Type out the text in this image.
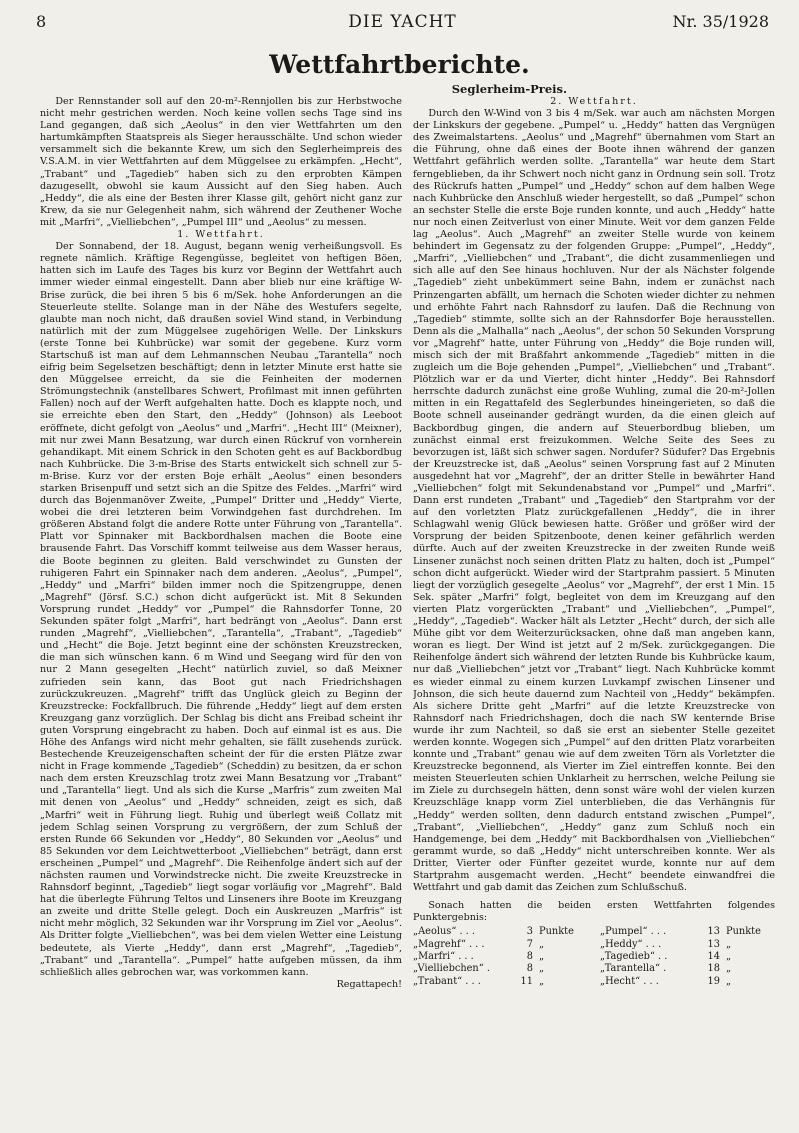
8	DIE YACHT	Nr. 35/1928
Wettfahrtberichte.
Seglerheim-Preis.

Der Rennstander soll auf den 20-m²-Rennjollen bis zur Herbstwoche nicht mehr gestrichen werden. Noch keine vollen sechs Tage sind ins Land gegangen, daß sich „Aeolus“ in den vier Wettfahrten um den hartumkämpften Staatspreis als Sieger herausschälte. Und schon wieder versammelt sich die bekannte Krew, um sich den Seglerheimpreis des V.S.A.M. in vier Wettfahrten auf dem Müggelsee zu erkämpfen. „Hecht“, „Trabant“ und „Tagedieb“ haben sich zu den erprobten Kämpen dazugesellt, obwohl sie kaum Aussicht auf den Sieg haben. Auch „Heddy“, die als eine der Besten ihrer Klasse gilt, gehört nicht ganz zur Krew, da sie nur Gelegenheit nahm, sich während der Zeuthener Woche mit „Marfri“, „Vielliebchen“, „Pumpel III“ und „Aeolus“ zu messen.

1. Wettfahrt.

Der Sonnabend, der 18. August, begann wenig verheißungsvoll. Es regnete nämlich. Kräftige Regengüsse, begleitet von heftigen Böen, hatten sich im Laufe des Tages bis kurz vor Beginn der Wettfahrt auch immer wieder einmal eingestellt. Dann aber blieb nur eine kräftige W-Brise zurück, die bei ihren 5 bis 6 m/Sek. hohe Anforderungen an die Steuerleute stellte. Solange man in der Nähe des Westufers segelte, glaubte man noch nicht, daß draußen soviel Wind stand, in Verbindung natürlich mit der zum Müggelsee zugehörigen Welle. Der Linkskurs (erste Tonne bei Kuhbrücke) war somit der gegebene. Kurz vorm Startschuß ist man auf dem Lehmannschen Neubau „Tarantella“ noch eifrig beim Segelsetzen beschäftigt; denn in letzter Minute erst hatte sie den Müggelsee erreicht, da sie die Feinheiten der modernen Strömungstechnik (anstellbares Schwert, Profilmast mit innen geführten Fallen) noch auf der Werft aufgehalten hatte. Doch es klappte noch, und sie erreichte eben den Start, den „Heddy“ (Johnson) als Leeboot eröffnete, dicht gefolgt von „Aeolus“ und „Marfri“. „Hecht III“ (Meixner), mit nur zwei Mann Besatzung, war durch einen Rückruf von vornherein gehandikapt. Mit einem Schrick in den Schoten geht es auf Backbordbug nach Kuhbrücke. Die 3-m-Brise des Starts entwickelt sich schnell zur 5-m-Brise. Kurz vor der ersten Boje erhält „Aeolus“ einen besonders starken Brisenpuff und setzt sich an die Spitze des Feldes. „Marfri“ wird durch das Bojenmanöver Zweite, „Pumpel“ Dritter und „Heddy“ Vierte, wobei die drei letzteren beim Vorwindgehen fast durchdrehen. Im größeren Abstand folgt die andere Rotte unter Führung von „Tarantella“. Platt vor Spinnaker mit Backbordhalsen machen die Boote eine brausende Fahrt. Das Vorschiff kommt teilweise aus dem Wasser heraus, die Boote beginnen zu gleiten. Bald verschwindet zu Gunsten der ruhigeren Fahrt ein Spinnaker nach dem anderen. „Aeolus“, „Pumpel“, „Heddy“ und „Marfri“ bilden immer noch die Spitzengruppe, denen „Magrehf“ (Jörsf. S.C.) schon dicht aufgerückt ist. Mit 8 Sekunden Vorsprung rundet „Heddy“ vor „Pumpel“ die Rahnsdorfer Tonne, 20 Sekunden später folgt „Marfri“, hart bedrängt von „Aeolus“. Dann erst runden „Magrehf“, „Vielliebchen“, „Tarantella“, „Trabant“, „Tagedieb“ und „Hecht“ die Boje. Jetzt beginnt eine der schönsten Kreuzstrecken, die man sich wünschen kann. 6 m Wind und Seegang wird für den von nur 2 Mann gesegelten „Hecht“ natürlich zuviel, so daß Meixner zufrieden sein kann, das Boot gut nach Friedrichshagen zurückzukreuzen. „Magrehf“ trifft das Unglück gleich zu Beginn der Kreuzstrecke: Fockfallbruch. Die führende „Heddy“ liegt auf dem ersten Kreuzgang ganz vorzüglich. Der Schlag bis dicht ans Freibad scheint ihr guten Vorsprung eingebracht zu haben. Doch auf einmal ist es aus. Die Höhe des Anfangs wird nicht mehr gehalten, sie fällt zusehends zurück. Bestechende Kreuzeigenschaften scheint der für die ersten Plätze zwar nicht in Frage kommende „Tagedieb“ (Scheddin) zu besitzen, da er schon nach dem ersten Kreuzschlag trotz zwei Mann Besatzung vor „Trabant“ und „Tarantella“ liegt. Und als sich die Kurse „Marfris“ zum zweiten Mal mit denen von „Aeolus“ und „Heddy“ schneiden, zeigt es sich, daß „Marfri“ weit in Führung liegt. Ruhig und überlegt weiß Collatz mit jedem Schlag seinen Vorsprung zu vergrößern, der zum Schluß der ersten Runde 66 Sekunden vor „Heddy“, 80 Sekunden vor „Aeolus“ und 85 Sekunden vor dem Leichtwetterboot „Vielliebchen“ beträgt, dann erst erscheinen „Pumpel“ und „Magrehf“. Die Reihenfolge ändert sich auf der nächsten raumen und Vorwindstrecke nicht. Die zweite Kreuzstrecke in Rahnsdorf beginnt, „Tagedieb“ liegt sogar vorläufig vor „Magrehf“. Bald hat die überlegte Führung Teltos und Linseners ihre Boote im Kreuzgang an zweite und dritte Stelle gelegt. Doch ein Auskreuzen „Marfris“ ist nicht mehr möglich, 32 Sekunden war ihr Vorsprung im Ziel vor „Aeolus“. Als Dritter folgte „Vielliebchen“, was bei dem vielen Wetter eine Leistung bedeutete, als Vierte „Heddy“, dann erst „Magrehf“, „Tagedieb“, „Trabant“ und „Tarantella“. „Pumpel“ hatte aufgeben müssen, da ihm schließlich alles gebrochen war, was vorkommen kann.

Regattapech!

2. Wettfahrt.

Durch den W-Wind von 3 bis 4 m/Sek. war auch am nächsten Morgen der Linkskurs der gegebene. „Pumpel“ u. „Heddy“ hatten das Vergnügen des Zweimalstartens. „Aeolus“ und „Magrehf“ übernahmen vom Start an die Führung, ohne daß eines der Boote ihnen während der ganzen Wettfahrt gefährlich werden sollte. „Tarantella“ war heute dem Start ferngeblieben, da ihr Schwert noch nicht ganz in Ordnung sein soll. Trotz des Rückrufs hatten „Pumpel“ und „Heddy“ schon auf dem halben Wege nach Kuhbrücke den Anschluß wieder hergestellt, so daß „Pumpel“ schon an sechster Stelle die erste Boje runden konnte, und auch „Heddy“ hatte nur noch einen Zeitverlust von einer Minute. Weit vor dem ganzen Felde lag „Aeolus“. Auch „Magrehf“ an zweiter Stelle wurde von keinem behindert im Gegensatz zu der folgenden Gruppe: „Pumpel“, „Heddy“, „Marfri“, „Vielliebchen“ und „Trabant“, die dicht zusammenliegen und sich alle auf den See hinaus hochluven. Nur der als Nächster folgende „Tagedieb“ zieht unbekümmert seine Bahn, indem er zunächst nach Prinzengarten abfällt, um hernach die Schoten wieder dichter zu nehmen und erhöhte Fahrt nach Rahnsdorf zu laufen. Daß die Rechnung von „Tagedieb“ stimmte, sollte sich an der Rahnsdorfer Boje herausstellen. Denn als die „Malhalla“ nach „Aeolus“, der schon 50 Sekunden Vorsprung vor „Magrehf“ hatte, unter Führung von „Heddy“ die Boje runden will, misch sich der mit Braßfahrt ankommende „Tagedieb“ mitten in die zugleich um die Boje gehenden „Pumpel“, „Vielliebchen“ und „Trabant“. Plötzlich war er da und Vierter, dicht hinter „Heddy“. Bei Rahnsdorf herrschte dadurch zunächst eine große Wuhling, zumal die 20-m²-Jollen mitten in ein Regattafeld des Seglerbundes hineingerieten, so daß die Boote schnell auseinander gedrängt wurden, da die einen gleich auf Backbordbug gingen, die andern auf Steuerbordbug blieben, um zunächst einmal erst freizukommen. Welche Seite des Sees zu bevorzugen ist, läßt sich schwer sagen. Nordufer? Südufer? Das Ergebnis der Kreuzstrecke ist, daß „Aeolus“ seinen Vorsprung fast auf 2 Minuten ausgedehnt hat vor „Magrehf“, der an dritter Stelle in bewährter Hand „Vielliebchen“ folgt mit Sekundenabstand vor „Pumpel“ und „Marfri“. Dann erst rundeten „Trabant“ und „Tagedieb“ den Startprahm vor der auf den vorletzten Platz zurückgefallenen „Heddy“, die in ihrer Schlagwahl wenig Glück bewiesen hatte. Größer und größer wird der Vorsprung der beiden Spitzenboote, denen keiner gefährlich werden dürfte. Auch auf der zweiten Kreuzstrecke in der zweiten Runde weiß Linsener zunächst noch seinen dritten Platz zu halten, doch ist „Pumpel“ schon dicht aufgerückt. Wieder wird der Startprahm passiert. 5 Minuten liegt der vorzüglich gesegelte „Aeolus“ vor „Magrehf“, der erst 1 Min. 15 Sek. später „Marfri“ folgt, begleitet von dem im Kreuzgang auf den vierten Platz vorgerückten „Trabant“ und „Vielliebchen“, „Pumpel“, „Heddy“, „Tagedieb“. Wacker hält als Letzter „Hecht“ durch, der sich alle Mühe gibt vor dem Weiterzurücksacken, ohne daß man angeben kann, woran es liegt. Der Wind ist jetzt auf 2 m/Sek. zurückgegangen. Die Reihenfolge ändert sich während der letzten Runde bis Kuhbrücke kaum, nur daß „Vielliebchen“ jetzt vor „Trabant“ liegt. Nach Kuhbrücke kommt es wieder einmal zu einem kurzen Luvkampf zwischen Linsener und Johnson, die sich heute dauernd zum Nachteil von „Heddy“ bekämpfen. Als sichere Dritte geht „Marfri“ auf die letzte Kreuzstrecke von Rahnsdorf nach Friedrichshagen, doch die nach SW kenternde Brise wurde ihr zum Nachteil, so daß sie erst an siebenter Stelle gezeitet werden konnte. Wogegen sich „Pumpel“ auf den dritten Platz vorarbeiten konnte und „Trabant“ genau wie auf dem zweiten Törn als Vorletzter die Kreuzstrecke begonnend, als Vierter im Ziel eintreffen konnte. Bei den meisten Steuerleuten schien Unklarheit zu herrschen, welche Peilung sie im Ziele zu durchsegeln hätten, denn sonst wäre wohl der vielen kurzen Kreuzschläge knapp vorm Ziel unterblieben, die das Verhängnis für „Heddy“ werden sollten, denn dadurch entstand zwischen „Pumpel“, „Trabant“, „Vielliebchen“, „Heddy“ ganz zum Schluß noch ein Handgemenge, bei dem „Heddy“ mit Backbordhalsen von „Vielliebchen“ gerammt wurde, so daß „Heddy“ nicht unterschreiben konnte. Wer als Dritter, Vierter oder Fünfter gezeitet wurde, konnte nur auf dem Startprahm ausgemacht werden. „Hecht“ beendete einwandfrei die Wettfahrt und gab damit das Zeichen zum Schlußschuß.

Sonach hatten die beiden ersten Wettfahrten folgendes Punktergebnis:

„Aeolus“ . . .	3 Punkte
„Magrehf“ . . .	7 „
„Marfri“ . . .	8 „
„Vielliebchen“ .	8 „
„Trabant“ . . .	11 „
„Pumpel“ . . .	13 Punkte
„Heddy“ . . .	13 „
„Tagedieb“ . .	14 „
„Tarantella“ .	18 „
„Hecht“ . . .	19 „
